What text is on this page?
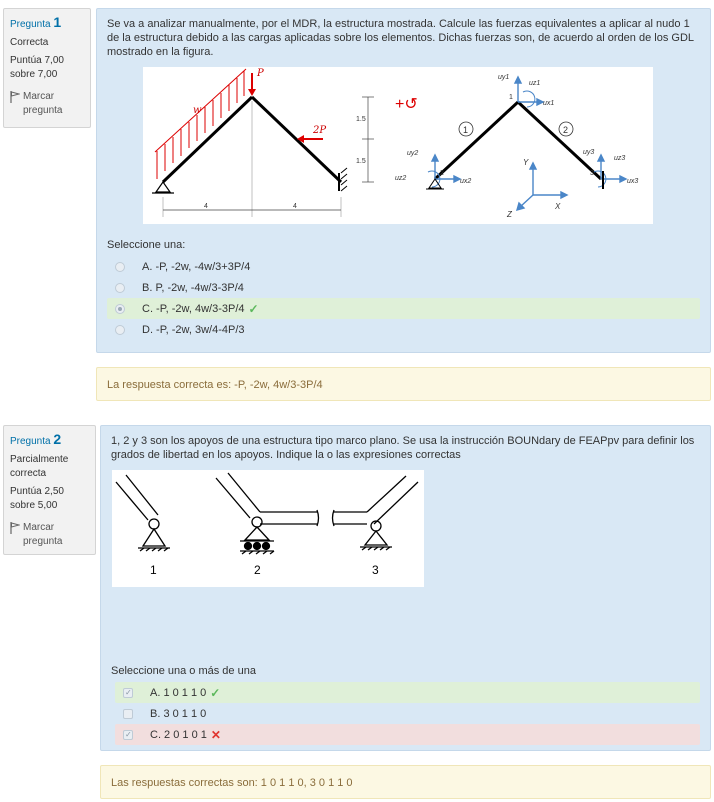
Pregunta 1
Correcta
Puntúa 7,00 sobre 7,00
Marcar pregunta
Se va a analizar manualmente, por el MDR, la estructura mostrada. Calcule las fuerzas equivalentes a aplicar al nudo 1 de la estructura debido a las cargas aplicadas sobre los elementos. Dichas fuerzas son, de acuerdo al orden de los GDL mostrado en la figura.
w
P
2P
4	4
1.5
1.5
+↺
1	2
1
2	3
uy1
uz1
ux1
uy2
uz2	ux2
uy3
uz3
ux3
Y
X
Z
Seleccione una:
A. -P, -2w, -4w/3+3P/4
B. P, -2w, -4w/3-3P/4
C. -P, -2w, 4w/3-3P/4 ✓
D. -P, -2w, 3w/4-4P/3
La respuesta correcta es: -P, -2w, 4w/3-3P/4
Pregunta 2
Parcialmente correcta
Puntúa 2,50 sobre 5,00
Marcar pregunta
1, 2 y 3 son los apoyos de una estructura tipo marco plano. Se usa la instrucción BOUNdary de FEAPpv para definir los grados de libertad en los apoyos. Indique la o las expresiones correctas
1	2	3
Seleccione una o más de una
✓
A. 1 0 1 1 0 ✓
B. 3 0 1 1 0
✓
C. 2 0 1 0 1 ✕
Las respuestas correctas son: 1 0 1 1 0, 3 0 1 1 0
